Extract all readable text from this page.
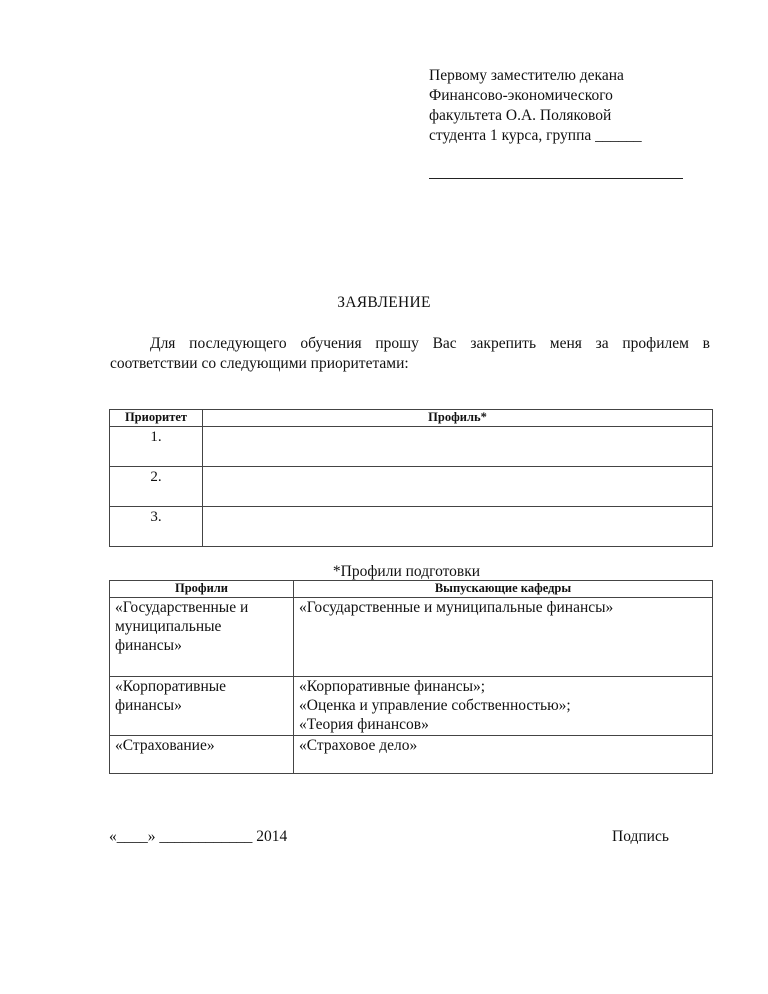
Первому заместителю декана
Финансово-экономического
факультета О.А. Поляковой
студента 1 курса, группа ______
ЗАЯВЛЕНИЕ
Для последующего обучения прошу Вас закрепить меня за профилем в соответствии со следующими приоритетами:
Приоритет	Профиль*
1.	
2.	
3.	
*Профили подготовки
Профили	Выпускающие кафедры

«Государственные и
муниципальные
финансы»	«Государственные и муниципальные финансы»

«Корпоративные
финансы»	«Корпоративные финансы»;
«Оценка и управление собственностью»;
«Теория финансов»

«Страхование»	«Страховое дело»
«____» ____________ 2014	Подпись
